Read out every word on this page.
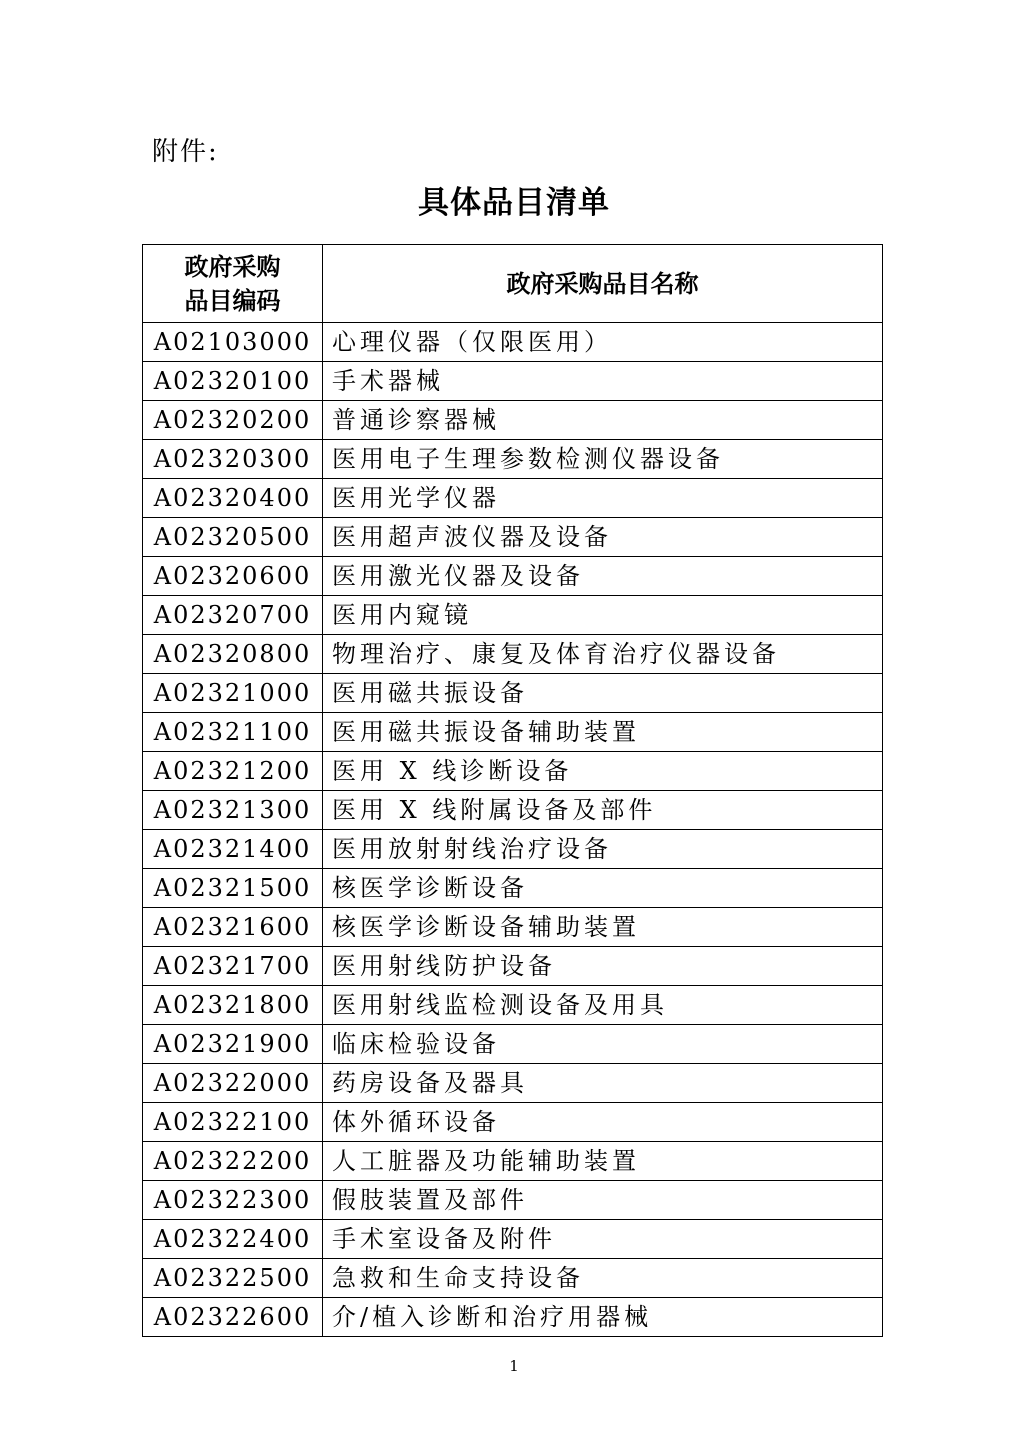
附件:
具体品目清单
政府采购
品目编码	政府采购品目名称
A02103000	心理仪器（仅限医用）
A02320100	手术器械
A02320200	普通诊察器械
A02320300	医用电子生理参数检测仪器设备
A02320400	医用光学仪器
A02320500	医用超声波仪器及设备
A02320600	医用激光仪器及设备
A02320700	医用内窥镜
A02320800	物理治疗、康复及体育治疗仪器设备
A02321000	医用磁共振设备
A02321100	医用磁共振设备辅助装置
A02321200	医用 X 线诊断设备
A02321300	医用 X 线附属设备及部件
A02321400	医用放射射线治疗设备
A02321500	核医学诊断设备
A02321600	核医学诊断设备辅助装置
A02321700	医用射线防护设备
A02321800	医用射线监检测设备及用具
A02321900	临床检验设备
A02322000	药房设备及器具
A02322100	体外循环设备
A02322200	人工脏器及功能辅助装置
A02322300	假肢装置及部件
A02322400	手术室设备及附件
A02322500	急救和生命支持设备
A02322600	介/植入诊断和治疗用器械
1
